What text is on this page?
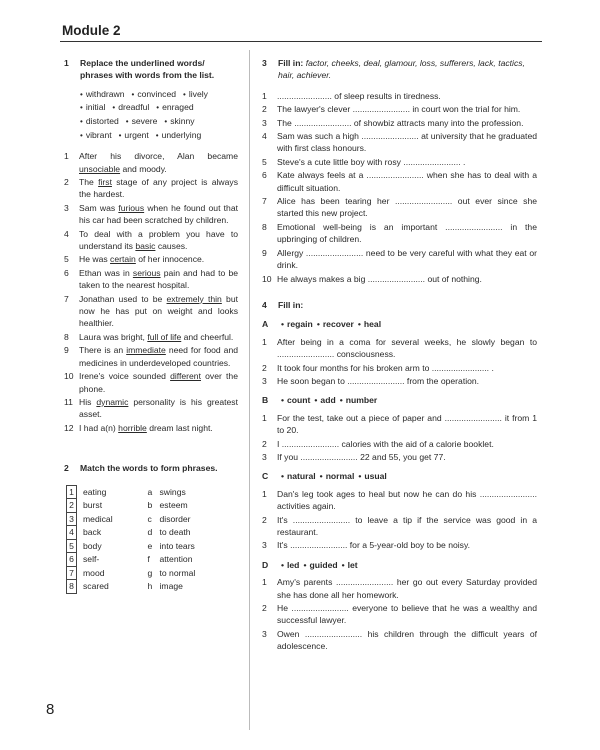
Module 2
8
1	Replace the underlined words/ phrases with words from the list.
• withdrawn • convinced • lively• initial • dreadful • enraged• distorted • severe • skinny• vibrant • urgent • underlying
1	After his divorce, Alan became unsociable and moody.
2	The first stage of any project is always the hardest.
3	Sam was furious when he found out that his car had been scratched by children.
4	To deal with a problem you have to understand its basic causes.
5	He was certain of her innocence.
6	Ethan was in serious pain and had to be taken to the nearest hospital.
7	Jonathan used to be extremely thin but now he has put on weight and looks healthier.
8	Laura was bright, full of life and cheerful.
9	There is an immediate need for food and medicines in underdeveloped countries.
10 Irene's voice sounded different over the phone.
11 His dynamic personality is his greatest asset.
12 I had a(n) horrible dream last night.
2	Match the words to form phrases.
1	eating	a	swings
2	burst	b	esteem
3	medical	c	disorder
4	back	d	to death
5	body	e	into tears
6	self-	f	attention
7	mood	g	to normal
8	scared	h	image
3	Fill in: factor, cheeks, deal, glamour, loss, sufferers, lack, tactics, hair, achiever.
1	....................... of sleep results in tiredness.
2	The lawyer's clever ........................ in court won the trial for him.
3	The ........................ of showbiz attracts many into the profession.
4	Sam was such a high ........................ at university that he graduated with first class honours.
5	Steve's a cute little boy with rosy ........................ .
6	Kate always feels at a ........................ when she has to deal with a difficult situation.
7	Alice has been tearing her ........................ out ever since she started this new project.
8	Emotional well-being is an important ........................ in the upbringing of children.
9	Allergy ........................ need to be very careful with what they eat or drink.
10 He always makes a big ........................ out of nothing.
4	Fill in:
A	• regain • recover • heal
1	After being in a coma for several weeks, he slowly began to ........................ consciousness.
2	It took four months for his broken arm to ........................ .
3	He soon began to ........................ from the operation.
B	• count • add • number
1	For the test, take out a piece of paper and ........................ it from 1 to 20.
2	I ........................ calories with the aid of a calorie booklet.
3	If you ........................ 22 and 55, you get 77.
C	• natural • normal • usual
1	Dan's leg took ages to heal but now he can do his ........................ activities again.
2	It's ........................ to leave a tip if the service was good in a restaurant.
3	It's ........................ for a 5-year-old boy to be noisy.
D	• led • guided • let
1	Amy's parents ........................ her go out every Saturday provided she has done all her homework.
2	He ........................ everyone to believe that he was a wealthy and successful lawyer.
3	Owen ........................ his children through the difficult years of adolescence.
